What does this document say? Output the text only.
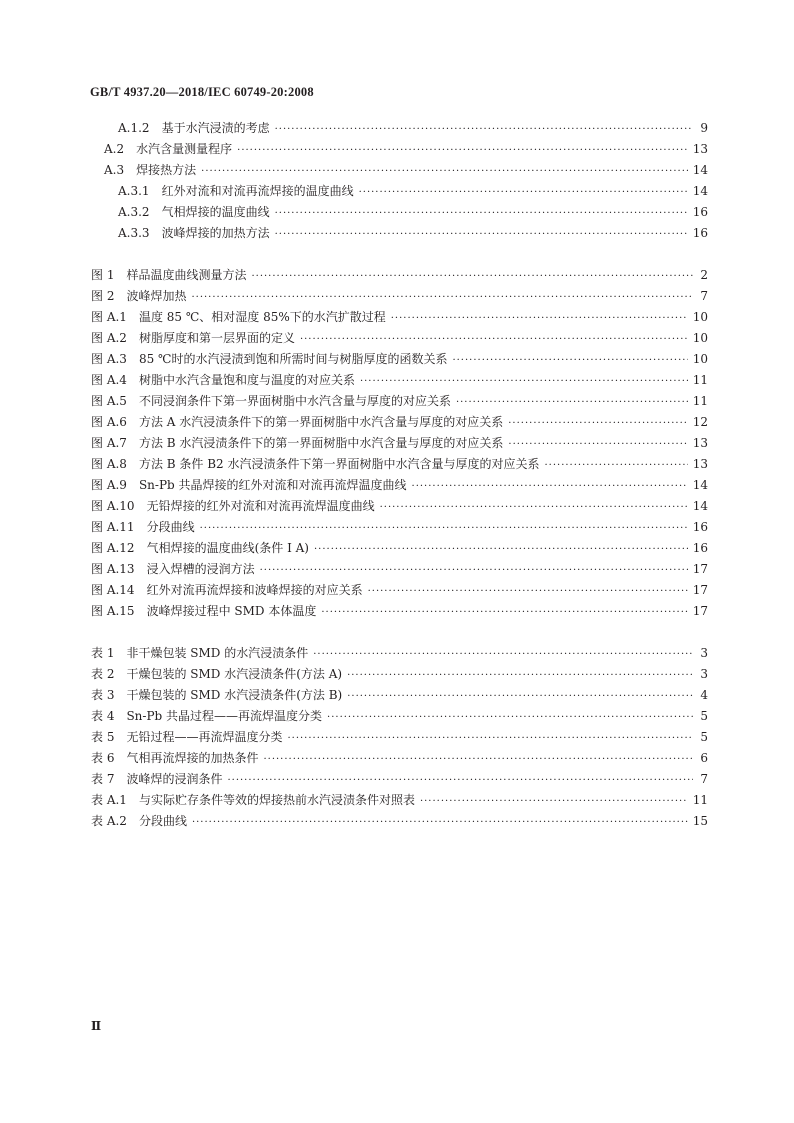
GB/T 4937.20—2018/IEC 60749-20:2008
A.1.2 基于水汽浸渍的考虑 ·····	9
A.2 水汽含量测量程序 ·····	13
A.3 焊接热方法 ·····	14
A.3.1 红外对流和对流再流焊接的温度曲线 ·····	14
A.3.2 气相焊接的温度曲线 ·····	16
A.3.3 波峰焊接的加热方法 ·····	16
图 1 样品温度曲线测量方法 ·····	2
图 2 波峰焊加热 ·····	7
图 A.1 温度 85 ℃、相对湿度 85%下的水汽扩散过程 ·····	10
图 A.2 树脂厚度和第一层界面的定义 ·····	10
图 A.3 85 ℃时的水汽浸渍到饱和所需时间与树脂厚度的函数关系 ·····	10
图 A.4 树脂中水汽含量饱和度与温度的对应关系 ·····	11
图 A.5 不同浸润条件下第一界面树脂中水汽含量与厚度的对应关系 ·····	11
图 A.6 方法 A 水汽浸渍条件下的第一界面树脂中水汽含量与厚度的对应关系 ·····	12
图 A.7 方法 B 水汽浸渍条件下的第一界面树脂中水汽含量与厚度的对应关系 ·····	13
图 A.8 方法 B 条件 B2 水汽浸渍条件下第一界面树脂中水汽含量与厚度的对应关系 ·····	13
图 A.9 Sn-Pb 共晶焊接的红外对流和对流再流焊温度曲线 ·····	14
图 A.10 无铅焊接的红外对流和对流再流焊温度曲线 ·····	14
图 A.11 分段曲线 ·····	16
图 A.12 气相焊接的温度曲线(条件 Ⅰ A) ·····	16
图 A.13 浸入焊槽的浸润方法 ·····	17
图 A.14 红外对流再流焊接和波峰焊接的对应关系 ·····	17
图 A.15 波峰焊接过程中 SMD 本体温度 ·····	17
表 1 非干燥包装 SMD 的水汽浸渍条件 ·····	3
表 2 干燥包装的 SMD 水汽浸渍条件(方法 A) ·····	3
表 3 干燥包装的 SMD 水汽浸渍条件(方法 B) ·····	4
表 4 Sn-Pb 共晶过程——再流焊温度分类 ·····	5
表 5 无铅过程——再流焊温度分类 ·····	5
表 6 气相再流焊接的加热条件 ·····	6
表 7 波峰焊的浸润条件 ·····	7
表 A.1 与实际贮存条件等效的焊接热前水汽浸渍条件对照表 ·····	11
表 A.2 分段曲线 ·····	15
Ⅱ
